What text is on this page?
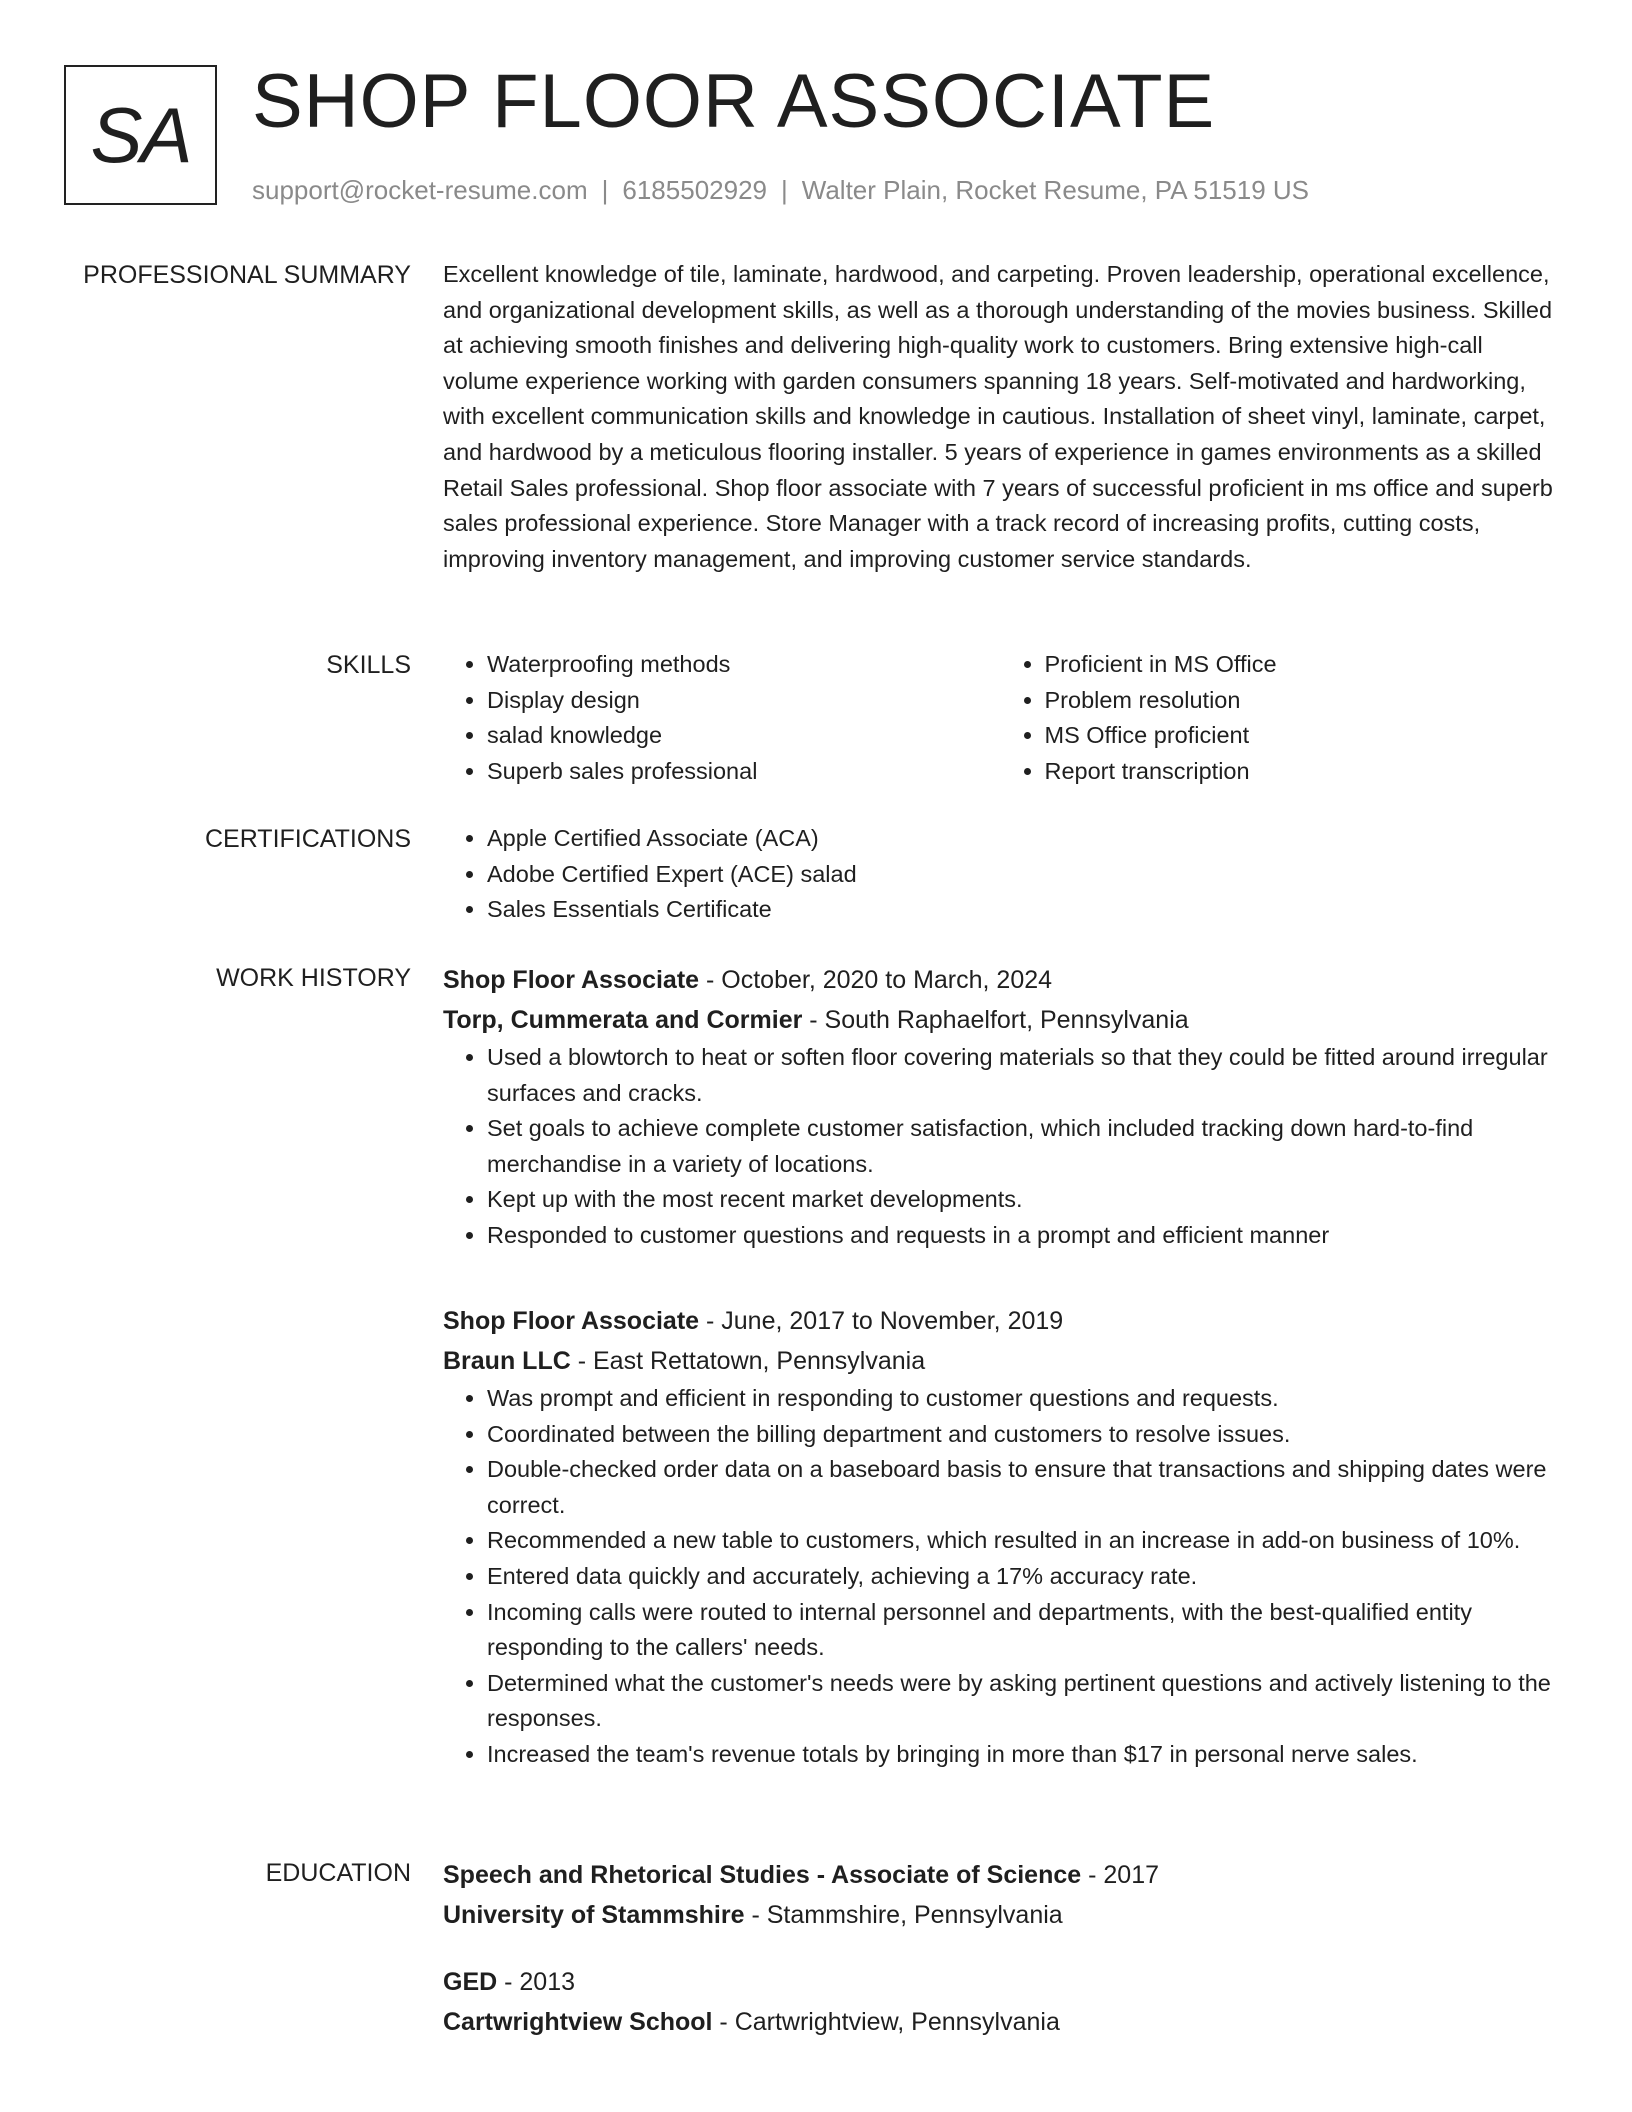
SA SHOP FLOOR ASSOCIATE
support@rocket-resume.com | 6185502929 | Walter Plain, Rocket Resume, PA 51519 US
PROFESSIONAL SUMMARY Excellent knowledge of tile, laminate, hardwood, and carpeting. Proven leadership, operational excellence, and organizational development skills, as well as a thorough understanding of the movies business. Skilled at achieving smooth finishes and delivering high-quality work to customers. Bring extensive high-call volume experience working with garden consumers spanning 18 years. Self-motivated and hardworking, with excellent communication skills and knowledge in cautious. Installation of sheet vinyl, laminate, carpet, and hardwood by a meticulous flooring installer. 5 years of experience in games environments as a skilled Retail Sales professional. Shop floor associate with 7 years of successful proficient in ms office and superb sales professional experience. Store Manager with a track record of increasing profits, cutting costs, improving inventory management, and improving customer service standards.

SKILLS	• Waterproofing methods
• Display design
• salad knowledge
• Superb sales professional
• Proficient in MS Office
• Problem resolution
• MS Office proficient
• Report transcription
CERTIFICATIONS	• Apple Certified Associate (ACA)
• Adobe Certified Expert (ACE) salad
• Sales Essentials Certificate
WORK HISTORY Shop Floor Associate - October, 2020 to March, 2024
Torp, Cummerata and Cormier - South Raphaelfort, Pennsylvania
• Used a blowtorch to heat or soften floor covering materials so that they could be fitted around irregular surfaces and cracks.
• Set goals to achieve complete customer satisfaction, which included tracking down hard-to-find merchandise in a variety of locations.
• Kept up with the most recent market developments.
• Responded to customer questions and requests in a prompt and efficient manner
Shop Floor Associate - June, 2017 to November, 2019
Braun LLC - East Rettatown, Pennsylvania
• Was prompt and efficient in responding to customer questions and requests.
• Coordinated between the billing department and customers to resolve issues.
• Double-checked order data on a baseboard basis to ensure that transactions and shipping dates were correct.
• Recommended a new table to customers, which resulted in an increase in add-on business of 10%.
• Entered data quickly and accurately, achieving a 17% accuracy rate.
• Incoming calls were routed to internal personnel and departments, with the best-qualified entity responding to the callers' needs.
• Determined what the customer's needs were by asking pertinent questions and actively listening to the responses.
• Increased the team's revenue totals by bringing in more than $17 in personal nerve sales.
EDUCATION Speech and Rhetorical Studies - Associate of Science - 2017
University of Stammshire - Stammshire, Pennsylvania
GED - 2013
Cartwrightview School - Cartwrightview, Pennsylvania
